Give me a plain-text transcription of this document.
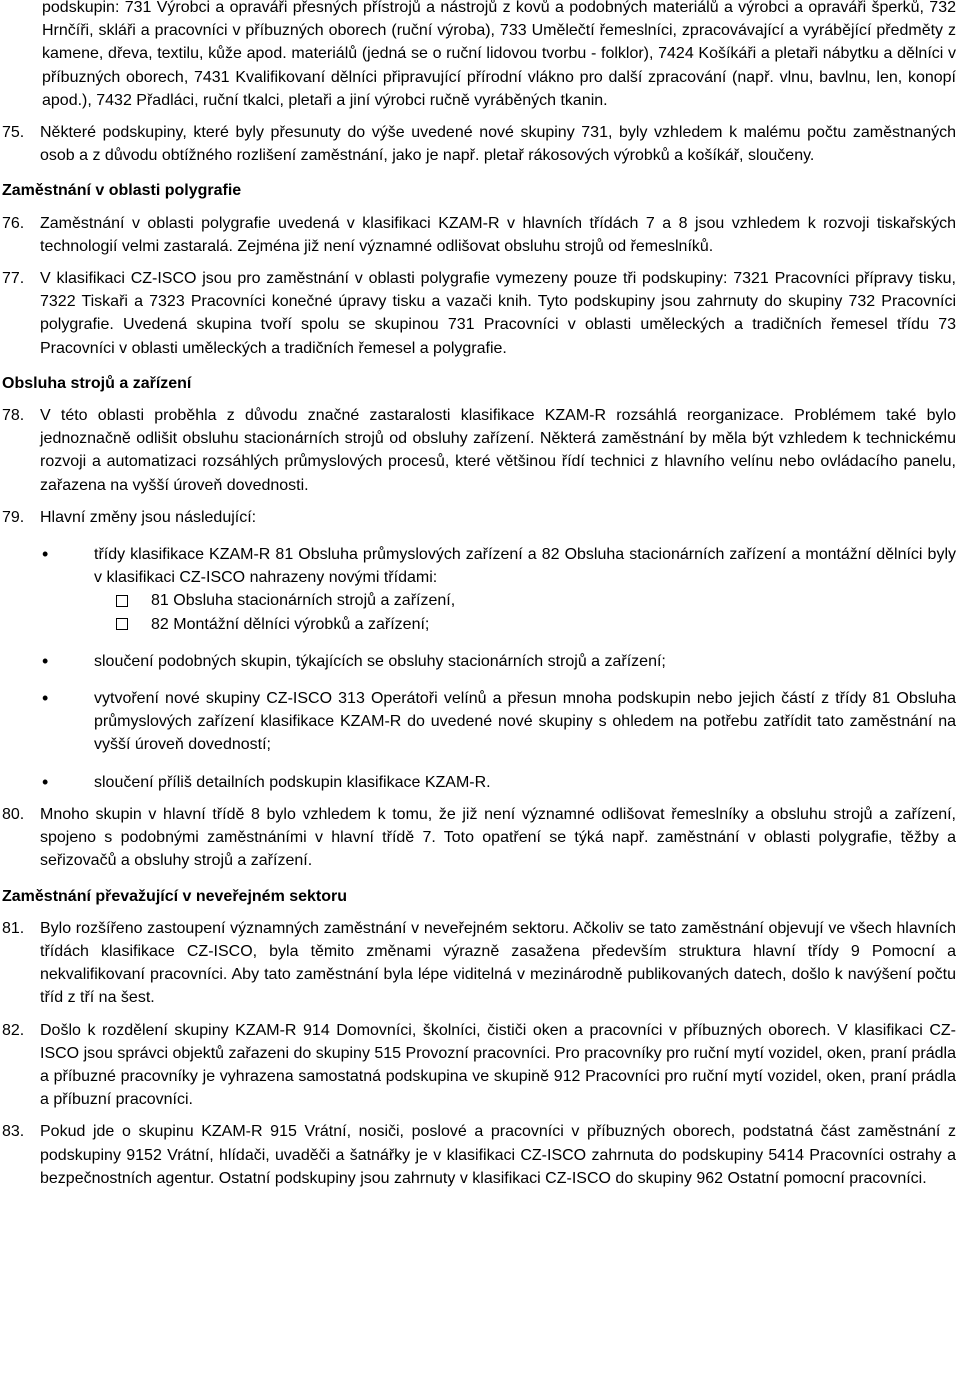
podskupin: 731 Výrobci a opraváři přesných přístrojů a nástrojů z kovů a podobných materiálů a výrobci a opraváři šperků, 732 Hrnčíři, skláři a pracovníci v příbuzných oborech (ruční výroba), 733 Umělečtí řemeslníci, zpracovávající a vyrábějící předměty z kamene, dřeva, textilu, kůže apod. materiálů (jedná se o ruční lidovou tvorbu - folklor), 7424 Košíkáři a pletaři nábytku a dělníci v příbuzných oborech, 7431 Kvalifikovaní dělníci připravující přírodní vlákno pro další zpracování (např. vlnu, bavlnu, len, konopí apod.), 7432 Přadláci, ruční tkalci, pletaři a jiní výrobci ručně vyráběných tkanin.
75. Některé podskupiny, které byly přesunuty do výše uvedené nové skupiny 731, byly vzhledem k malému počtu zaměstnaných osob a z důvodu obtížného rozlišení zaměstnání, jako je např. pletař rákosových výrobků a košíkář, sloučeny.
Zaměstnání v oblasti polygrafie
76. Zaměstnání v oblasti polygrafie uvedená v klasifikaci KZAM-R v hlavních třídách 7 a 8 jsou vzhledem k rozvoji tiskařských technologií velmi zastaralá. Zejména již není významné odlišovat obsluhu strojů od řemeslníků.
77. V klasifikaci CZ-ISCO jsou pro zaměstnání v oblasti polygrafie vymezeny pouze tři podskupiny: 7321 Pracovníci přípravy tisku, 7322 Tiskaři a 7323 Pracovníci konečné úpravy tisku a vazači knih. Tyto podskupiny jsou zahrnuty do skupiny 732 Pracovníci polygrafie. Uvedená skupina tvoří spolu se skupinou 731 Pracovníci v oblasti uměleckých a tradičních řemesel třídu 73 Pracovníci v oblasti uměleckých a tradičních řemesel a polygrafie.
Obsluha strojů a zařízení
78. V této oblasti proběhla z důvodu značné zastaralosti klasifikace KZAM-R rozsáhlá reorganizace. Problémem také bylo jednoznačně odlišit obsluhu stacionárních strojů od obsluhy zařízení. Některá zaměstnání by měla být vzhledem k technickému rozvoji a automatizaci rozsáhlých průmyslových procesů, které většinou řídí technici z hlavního velínu nebo ovládacího panelu, zařazena na vyšší úroveň dovednosti.
79. Hlavní změny jsou následující:
•	třídy klasifikace KZAM-R 81 Obsluha průmyslových zařízení a 82 Obsluha stacionárních zařízení a montážní dělníci byly v klasifikaci CZ-ISCO nahrazeny novými třídami:
81 Obsluha stacionárních strojů a zařízení,
82 Montážní dělníci výrobků a zařízení;
•	sloučení podobných skupin, týkajících se obsluhy stacionárních strojů a zařízení;
•	vytvoření nové skupiny CZ-ISCO 313 Operátoři velínů a přesun mnoha podskupin nebo jejich částí z třídy 81 Obsluha průmyslových zařízení klasifikace KZAM-R do uvedené nové skupiny s ohledem na potřebu zatřídit tato zaměstnání na vyšší úroveň dovedností;
•	sloučení příliš detailních podskupin klasifikace KZAM-R.
80. Mnoho skupin v hlavní třídě 8 bylo vzhledem k tomu, že již není významné odlišovat řemeslníky a obsluhu strojů a zařízení, spojeno s podobnými zaměstnáními v hlavní třídě 7. Toto opatření se týká např. zaměstnání v oblasti polygrafie, těžby a seřizovačů a obsluhy strojů a zařízení.
Zaměstnání převažující v neveřejném sektoru
81. Bylo rozšířeno zastoupení významných zaměstnání v neveřejném sektoru. Ačkoliv se tato zaměstnání objevují ve všech hlavních třídách klasifikace CZ-ISCO, byla těmito změnami výrazně zasažena především struktura hlavní třídy 9 Pomocní a nekvalifikovaní pracovníci. Aby tato zaměstnání byla lépe viditelná v mezinárodně publikovaných datech, došlo k navýšení počtu tříd z tří na šest.
82. Došlo k rozdělení skupiny KZAM-R 914 Domovníci, školníci, čističi oken a pracovníci v příbuzných oborech. V klasifikaci CZ-ISCO jsou správci objektů zařazeni do skupiny 515 Provozní pracovníci. Pro pracovníky pro ruční mytí vozidel, oken, praní prádla a příbuzné pracovníky je vyhrazena samostatná podskupina ve skupině 912 Pracovníci pro ruční mytí vozidel, oken, praní prádla a příbuzní pracovníci.
83. Pokud jde o skupinu KZAM-R 915 Vrátní, nosiči, poslové a pracovníci v příbuzných oborech, podstatná část zaměstnání z podskupiny 9152 Vrátní, hlídači, uvaděči a šatnářky je v klasifikaci CZ-ISCO zahrnuta do podskupiny 5414 Pracovníci ostrahy a bezpečnostních agentur. Ostatní podskupiny jsou zahrnuty v klasifikaci CZ-ISCO do skupiny 962 Ostatní pomocní pracovníci.
